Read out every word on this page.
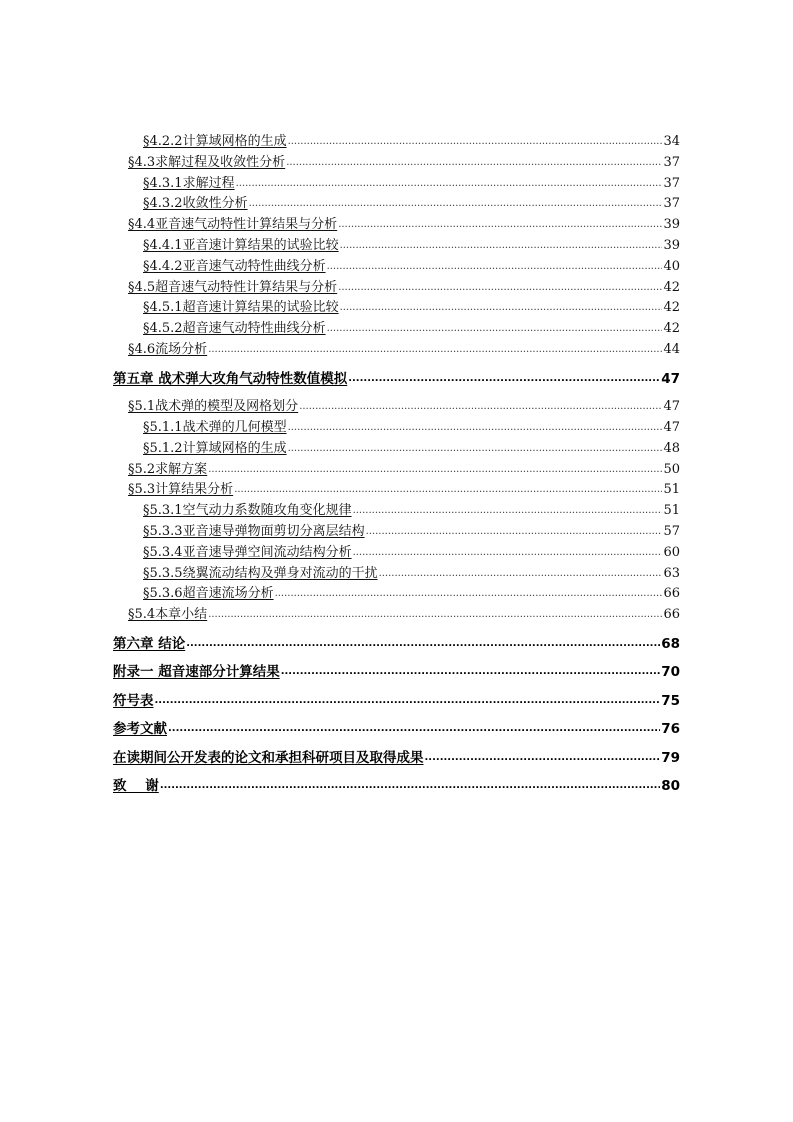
§4.2.2计算域网格的生成 .....	34
§4.3求解过程及收敛性分析 .....	37
§4.3.1求解过程 .....	37
§4.3.2收敛性分析 .....	37
§4.4亚音速气动特性计算结果与分析 .....	39
§4.4.1亚音速计算结果的试验比较 .....	39
§4.4.2亚音速气动特性曲线分析 .....	40
§4.5超音速气动特性计算结果与分析 .....	42
§4.5.1超音速计算结果的试验比较 .....	42
§4.5.2超音速气动特性曲线分析 .....	42
§4.6流场分析 .....	44
第五章 战术弹大攻角气动特性数值模拟 .....	47
§5.1战术弹的模型及网格划分 .....	47
§5.1.1战术弹的几何模型 .....	47
§5.1.2计算域网格的生成 .....	48
§5.2求解方案 .....	50
§5.3计算结果分析 .....	51
§5.3.1空气动力系数随攻角变化规律 .....	51
§5.3.3亚音速导弹物面剪切分离层结构 .....	57
§5.3.4亚音速导弹空间流动结构分析 .....	60
§5.3.5绕翼流动结构及弹身对流动的干扰 .....	63
§5.3.6超音速流场分析 .....	66
§5.4本章小结 .....	66
第六章 结论 .....	68
附录一 超音速部分计算结果 .....	70
符号表 .....	75
参考文献 .....	76
在读期间公开发表的论文和承担科研项目及取得成果 .....	79
致    谢 .....	80
